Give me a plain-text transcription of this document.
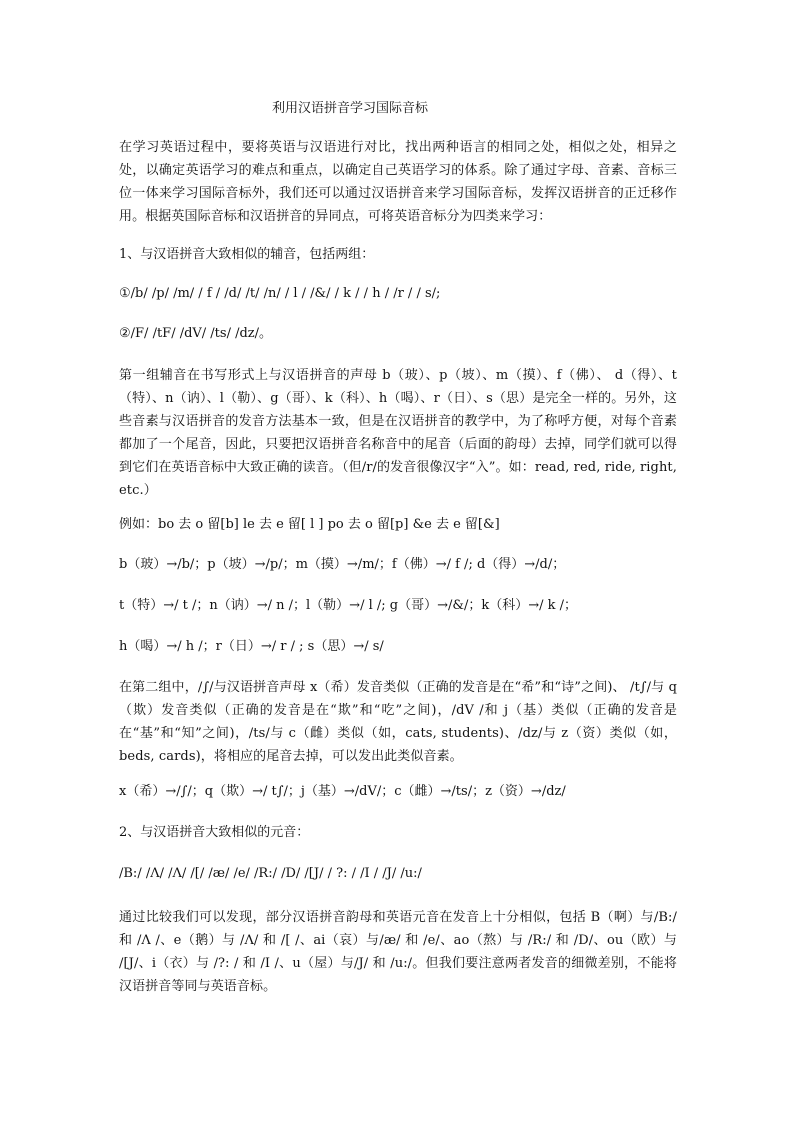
利用汉语拼音学习国际音标

在学习英语过程中，要将英语与汉语进行对比，找出两种语言的相同之处，相似之处，相异之处，以确定英语学习的难点和重点，以确定自己英语学习的体系。除了通过字母、音素、音标三位一体来学习国际音标外，我们还可以通过汉语拼音来学习国际音标，发挥汉语拼音的正迁移作用。根据英国际音标和汉语拼音的异同点，可将英语音标分为四类来学习：

1、与汉语拼音大致相似的辅音，包括两组：

①/b/ /p/ /m/ / f / /d/ /t/ /n/ / l / /&/ / k / / h / /r / / s/;

②/F/ /tF/ /dV/ /ts/ /dz/。

第一组辅音在书写形式上与汉语拼音的声母 b（玻）、p（坡）、m（摸）、f（佛）、 d（得）、t（特）、n（讷）、l（勒）、g（哥）、k（科）、h（喝）、r（日）、s（思）是完全一样的。另外，这些音素与汉语拼音的发音方法基本一致，但是在汉语拼音的教学中，为了称呼方便，对每个音素都加了一个尾音，因此，只要把汉语拼音名称音中的尾音（后面的韵母）去掉，同学们就可以得到它们在英语音标中大致正确的读音。（但/r/的发音很像汉字“入”。如：read, red, ride, right, etc.）

例如：bo 去 o 留[b] le 去 e 留[ l ] po 去 o 留[p] &e 去 e 留[&]

b（玻）→/b/；p（坡）→/p/；m（摸）→/m/；f（佛）→/ f /; d（得）→/d/；

t（特）→/ t /；n（讷）→/ n /；l（勒）→/ l /; g（哥）→/&/；k（科）→/ k /；

h（喝）→/ h /；r（日）→/ r / ; s（思）→/ s/

在第二组中，/∫/与汉语拼音声母 x（希）发音类似（正确的发音是在“希”和“诗”之间)、 /t∫/与 q（欺）发音类似（正确的发音是在“欺”和“吃”之间)，/dV /和 j（基）类似（正确的发音是在“基”和“知”之间)，/ts/与 c（雌）类似（如，cats, students)、/dz/与 z（资）类似（如，beds, cards)，将相应的尾音去掉，可以发出此类似音素。

x（希）→/∫/；q（欺）→/ t∫/；j（基）→/dV/；c（雌）→/ts/；z（资）→/dz/

2、与汉语拼音大致相似的元音：

/B:/ /Λ/ /Λ/ /[/ /æ/ /e/ /R:/ /D/ /[J/ / ?: / /I / /J/ /u:/

通过比较我们可以发现，部分汉语拼音韵母和英语元音在发音上十分相似，包括 B（啊）与/B:/ 和 /Λ /、e（鹅）与 /Λ/ 和 /[ /、ai（哀）与/æ/ 和 /e/、ao（熬）与 /R:/ 和 /D/、ou（欧）与 /[J/、i（衣）与 /?: / 和 /I /、u（屋）与/J/ 和 /u:/。但我们要注意两者发音的细微差别，不能将汉语拼音等同与英语音标。
